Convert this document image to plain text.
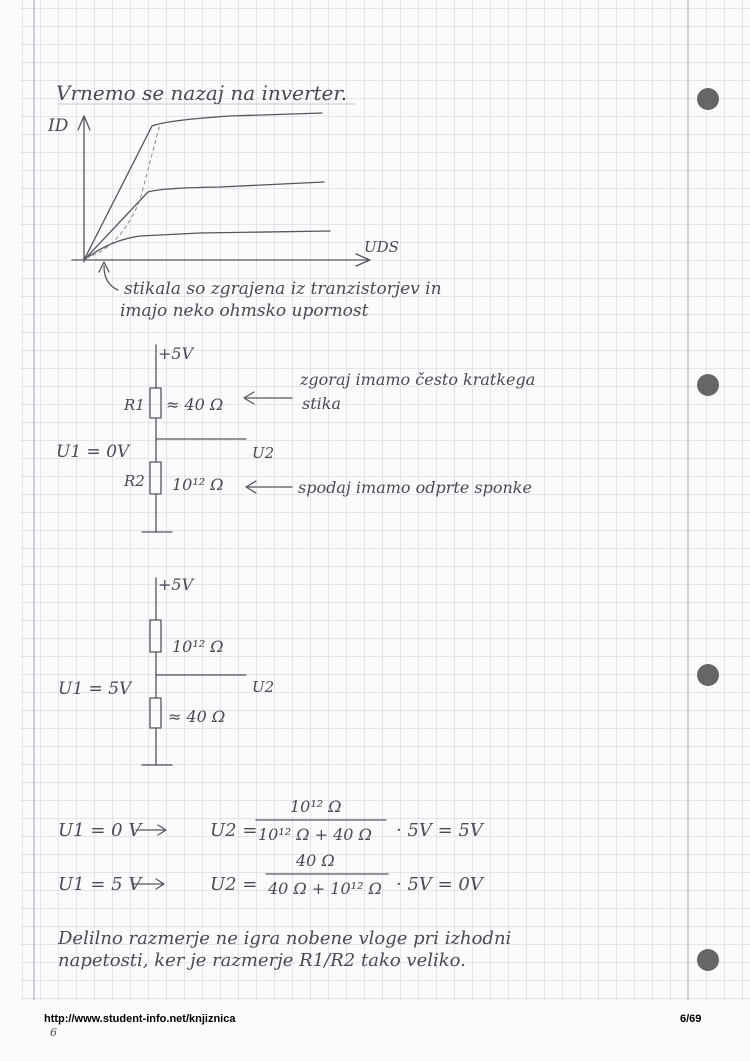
Vrnemo se nazaj na inverter.
ID
UDS
stikala so zgrajena iz tranzistorjev in
imajo neko ohmsko upornost
+5V
R1 ≈ 40 Ω
U1 = 0V	U2
R2 10¹² Ω
zgoraj imamo često kratkega
stika
spodaj imamo odprte sponke
+5V
10¹² Ω
U1 = 5V	U2
≈ 40 Ω
U1 = 0 V	U2 =
10¹² Ω
10¹² Ω + 40 Ω · 5V = 5V
U1 = 5 V	U2 =
40 Ω
40 Ω + 10¹² Ω · 5V = 0V
Delilno razmerje ne igra nobene vloge pri izhodni
napetosti, ker je razmerje R1/R2 tako veliko.
6
http://www.student-info.net/knjiznica	6/69
